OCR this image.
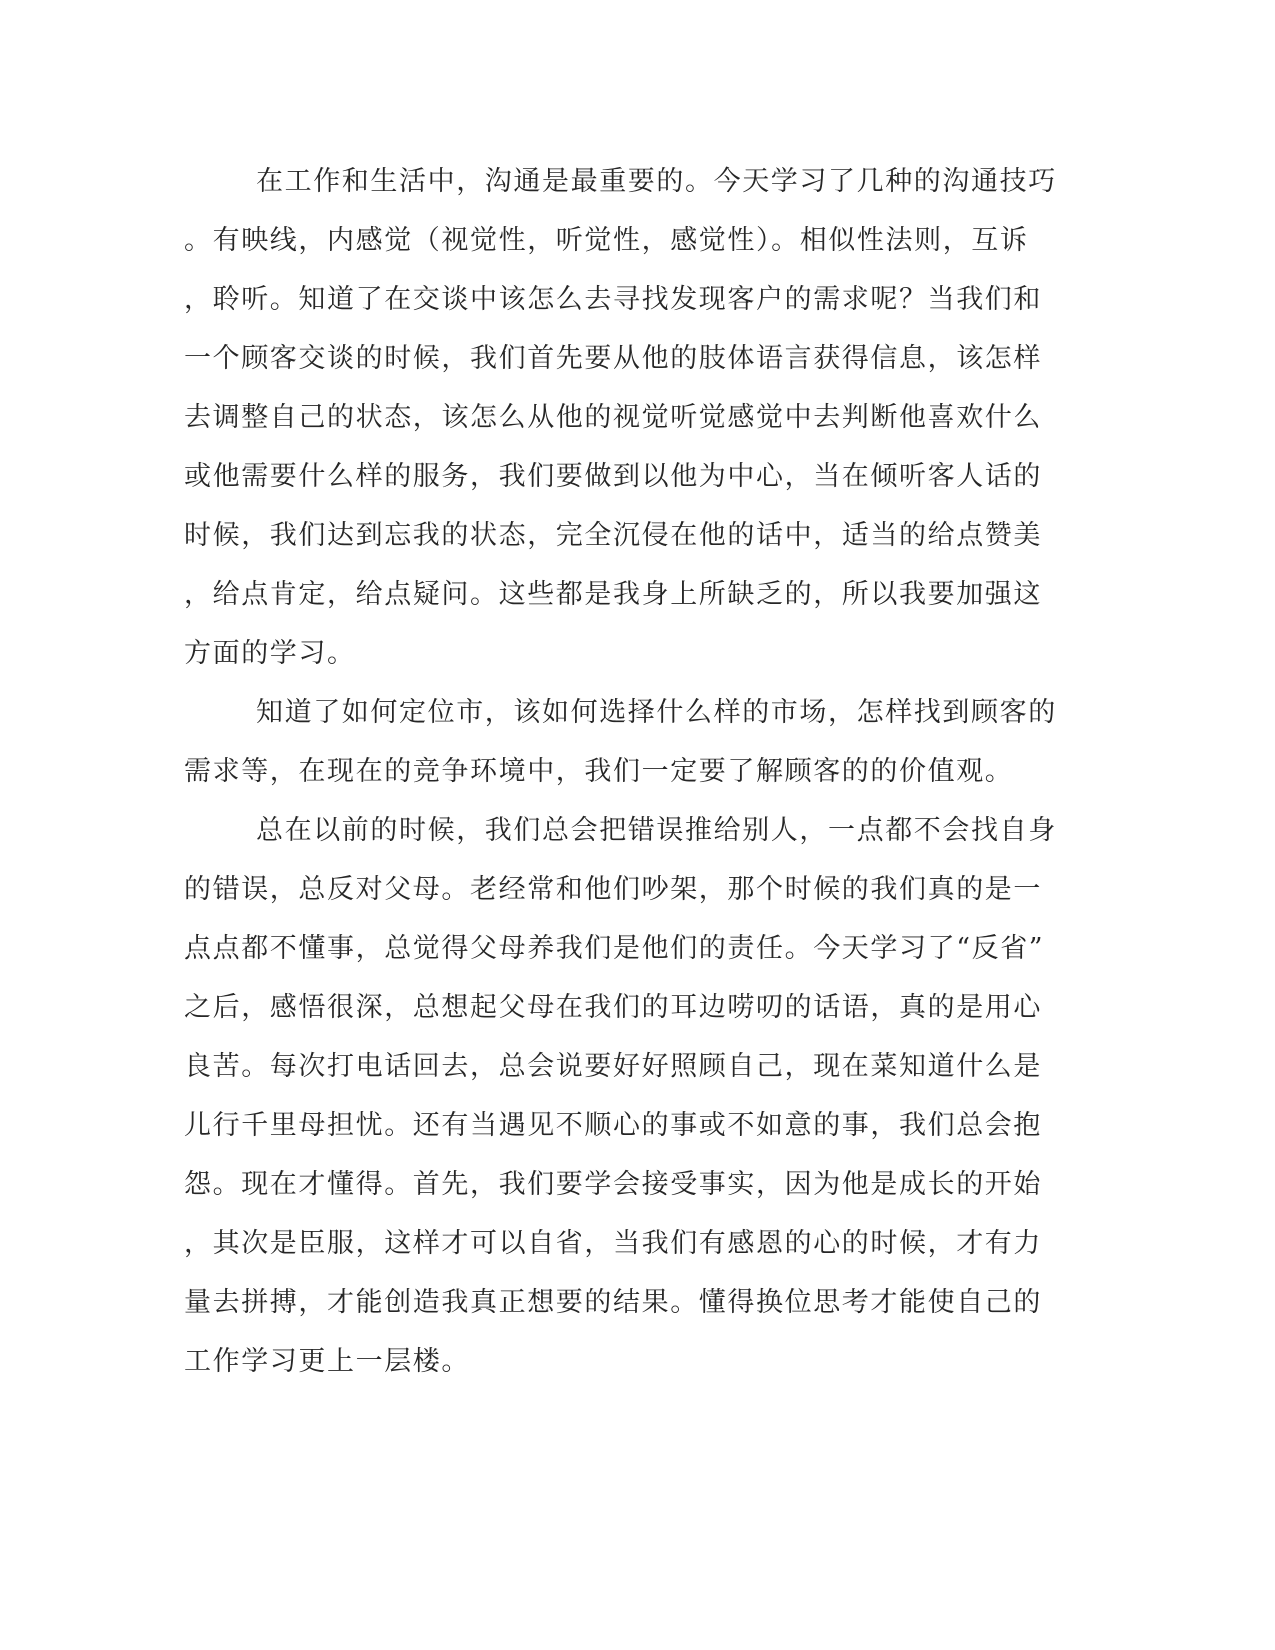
在工作和生活中，沟通是最重要的。今天学习了几种的沟通技巧
。有映线，内感觉（视觉性，听觉性，感觉性）。相似性法则，互诉
，聆听。知道了在交谈中该怎么去寻找发现客户的需求呢？当我们和
一个顾客交谈的时候，我们首先要从他的肢体语言获得信息，该怎样
去调整自己的状态，该怎么从他的视觉听觉感觉中去判断他喜欢什么
或他需要什么样的服务，我们要做到以他为中心，当在倾听客人话的
时候，我们达到忘我的状态，完全沉侵在他的话中，适当的给点赞美
，给点肯定，给点疑问。这些都是我身上所缺乏的，所以我要加强这
方面的学习。
知道了如何定位市，该如何选择什么样的市场，怎样找到顾客的
需求等，在现在的竞争环境中，我们一定要了解顾客的的价值观。
总在以前的时候，我们总会把错误推给别人，一点都不会找自身
的错误，总反对父母。老经常和他们吵架，那个时候的我们真的是一
点点都不懂事，总觉得父母养我们是他们的责任。今天学习了“反省”
之后，感悟很深，总想起父母在我们的耳边唠叨的话语，真的是用心
良苦。每次打电话回去，总会说要好好照顾自己，现在菜知道什么是
儿行千里母担忧。还有当遇见不顺心的事或不如意的事，我们总会抱
怨。现在才懂得。首先，我们要学会接受事实，因为他是成长的开始
，其次是臣服，这样才可以自省，当我们有感恩的心的时候，才有力
量去拼搏，才能创造我真正想要的结果。懂得换位思考才能使自己的
工作学习更上一层楼。
